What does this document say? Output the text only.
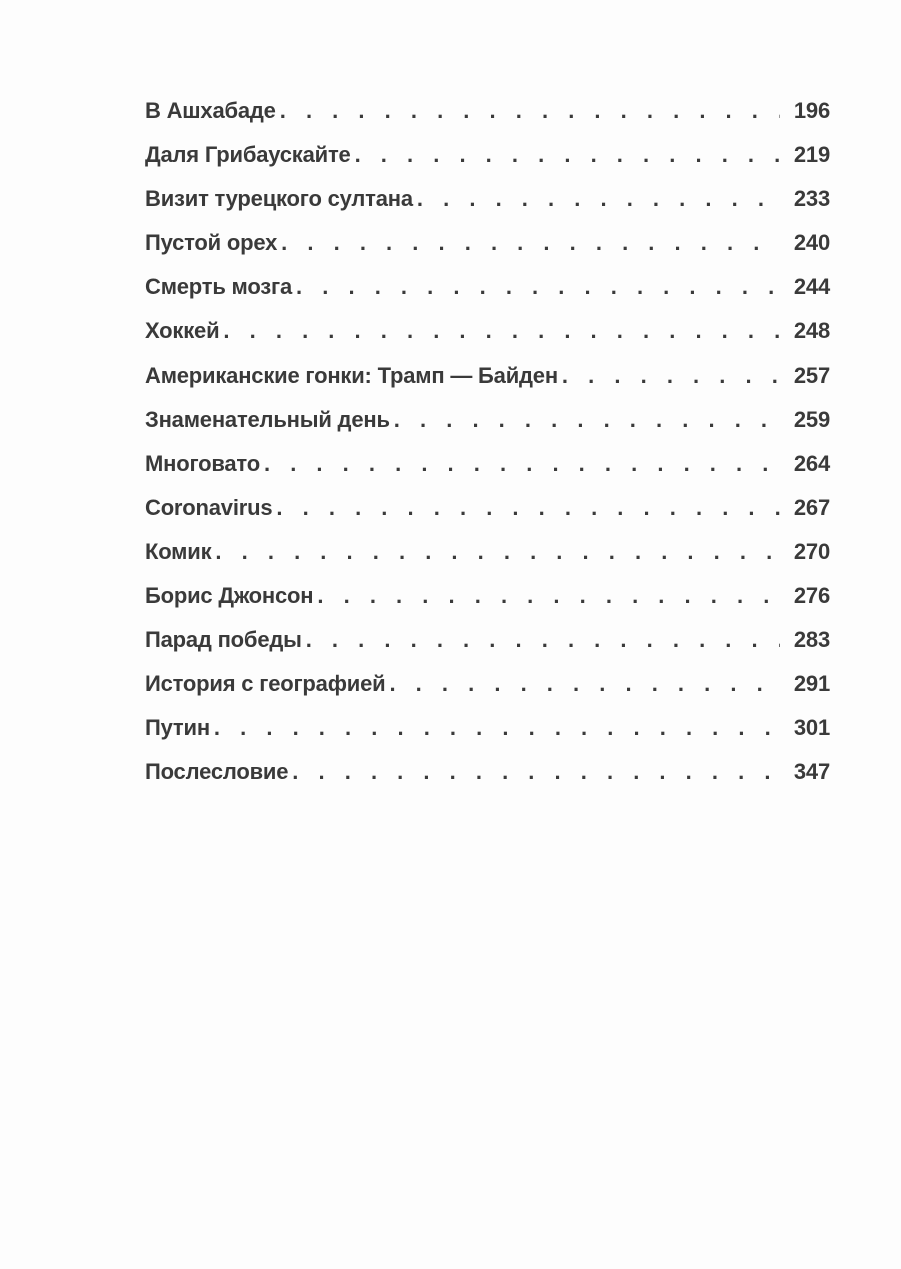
В Ашхабаде . . .	196
Даля Грибаускайте . . .	219
Визит турецкого султана . . .	233
Пустой орех . . .	240
Смерть мозга . . .	244
Хоккей . . .	248
Американские гонки: Трамп — Байден . . .	257
Знаменательный день . . .	259
Многовато . . .	264
Coronavirus . . .	267
Комик . . .	270
Борис Джонсон . . .	276
Парад победы . . .	283
История с географией . . .	291
Путин . . .	301
Послесловие . . .	347
